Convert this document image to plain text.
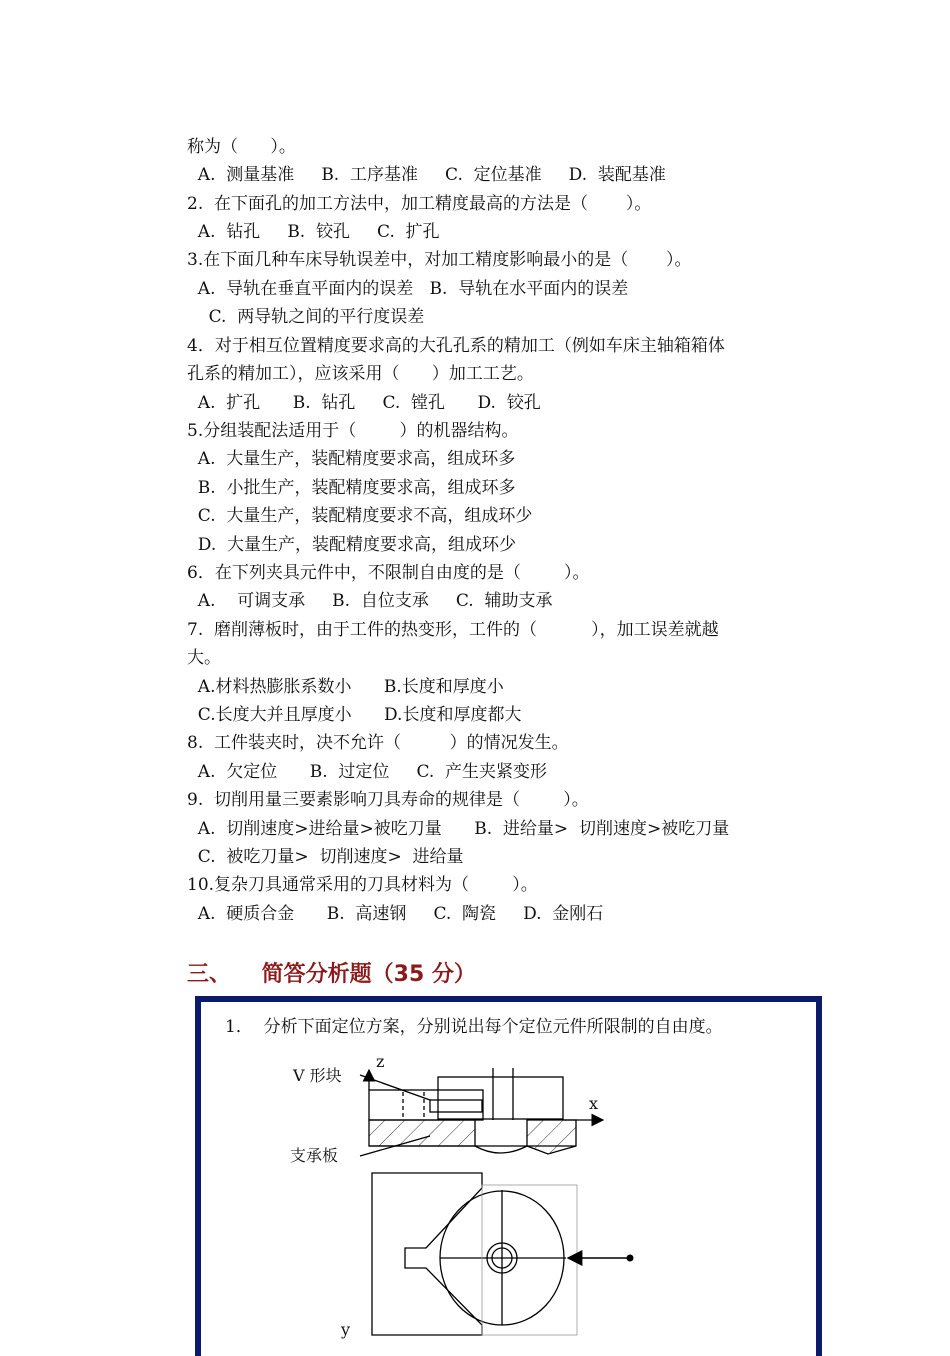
称为（      ）。
A.  测量基准     B.  工序基准     C.  定位基准     D.  装配基准
2.  在下面孔的加工方法中，加工精度最高的方法是（       ）。
A.  钻孔     B.  铰孔     C.  扩孔
3.在下面几种车床导轨误差中，对加工精度影响最小的是（       ）。
A.  导轨在垂直平面内的误差   B.  导轨在水平面内的误差
C.  两导轨之间的平行度误差
4．对于相互位置精度要求高的大孔孔系的精加工（例如车床主轴箱箱体
孔系的精加工），应该采用（      ）加工工艺。
A.  扩孔      B.  钻孔     C.  镗孔      D.  铰孔
5.分组装配法适用于（        ）的机器结构。
A.  大量生产，装配精度要求高，组成环多
B.  小批生产，装配精度要求高，组成环多
C.  大量生产，装配精度要求不高，组成环少
D.  大量生产，装配精度要求高，组成环少
6．在下列夹具元件中，不限制自由度的是（        ）。
A.    可调支承     B.  自位支承     C.  辅助支承
7.  磨削薄板时，由于工件的热变形，工件的（          ），加工误差就越
大。
A.材料热膨胀系数小      B.长度和厚度小
C.长度大并且厚度小      D.长度和厚度都大
8.  工件装夹时，决不允许（         ）的情况发生。
A.  欠定位      B.  过定位     C.  产生夹紧变形
9.  切削用量三要素影响刀具寿命的规律是（        ）。
A.  切削速度>进给量>被吃刀量      B.  进给量>  切削速度>被吃刀量
C.  被吃刀量>  切削速度>  进给量
10.复杂刀具通常采用的刀具材料为（        ）。
A.  硬质合金      B.  高速钢     C.  陶瓷     D.  金刚石
三、    简答分析题（35 分）
1．  分析下面定位方案，分别说出每个定位元件所限制的自由度。
V 形块
支承板
z
x
y
